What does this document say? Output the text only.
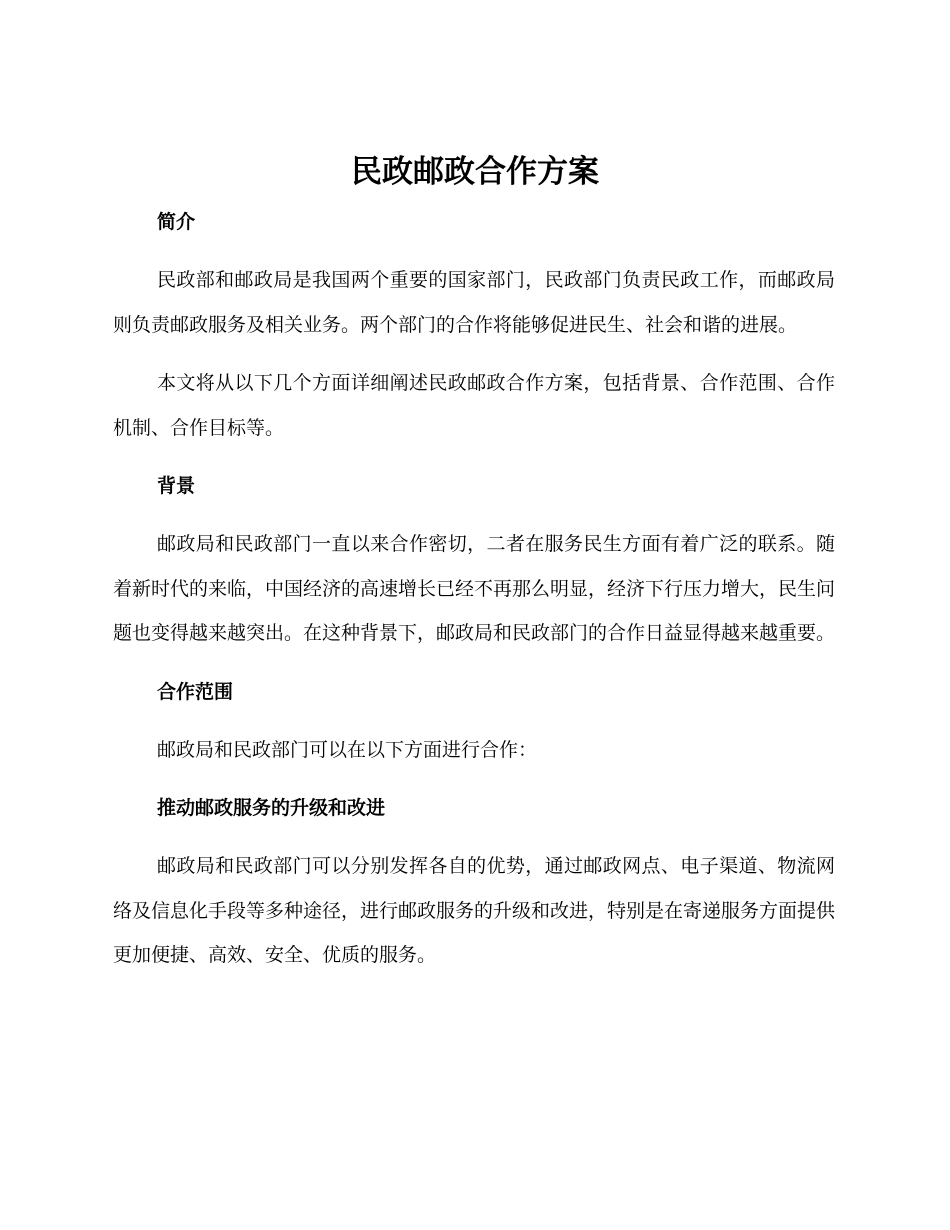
民政邮政合作方案
简介

民政部和邮政局是我国两个重要的国家部门，民政部门负责民政工作，而邮政局则负责邮政服务及相关业务。两个部门的合作将能够促进民生、社会和谐的进展。

本文将从以下几个方面详细阐述民政邮政合作方案，包括背景、合作范围、合作机制、合作目标等。

背景

邮政局和民政部门一直以来合作密切，二者在服务民生方面有着广泛的联系。随着新时代的来临，中国经济的高速增长已经不再那么明显，经济下行压力增大，民生问题也变得越来越突出。在这种背景下，邮政局和民政部门的合作日益显得越来越重要。

合作范围

邮政局和民政部门可以在以下方面进行合作：

推动邮政服务的升级和改进

邮政局和民政部门可以分别发挥各自的优势，通过邮政网点、电子渠道、物流网络及信息化手段等多种途径，进行邮政服务的升级和改进，特别是在寄递服务方面提供更加便捷、高效、安全、优质的服务。
